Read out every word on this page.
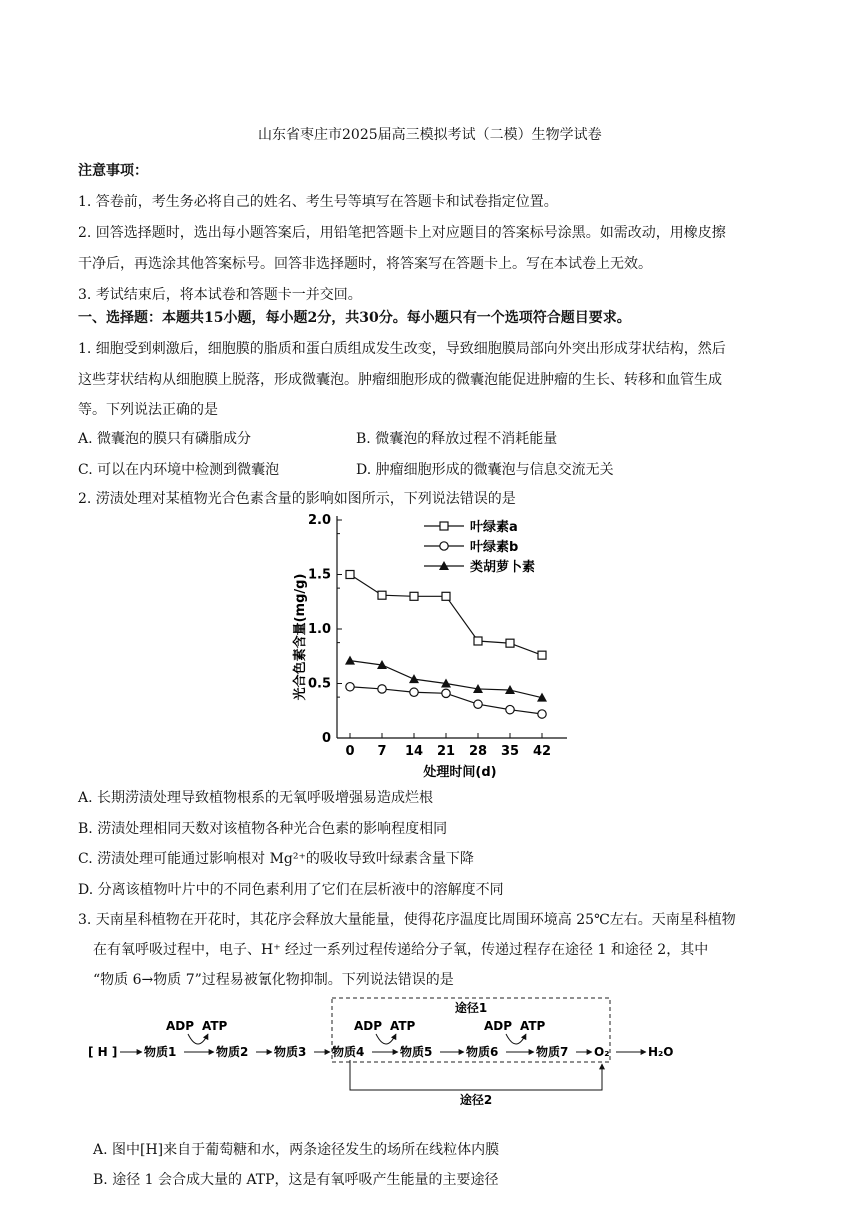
山东省枣庄市2025届高三模拟考试（二模）生物学试卷
注意事项：
1. 答卷前，考生务必将自己的姓名、考生号等填写在答题卡和试卷指定位置。
2. 回答选择题时，选出每小题答案后，用铅笔把答题卡上对应题目的答案标号涂黑。如需改动，用橡皮擦
干净后，再选涂其他答案标号。回答非选择题时，将答案写在答题卡上。写在本试卷上无效。
3. 考试结束后，将本试卷和答题卡一并交回。
一、选择题：本题共15小题，每小题2分，共30分。每小题只有一个选项符合题目要求。
1. 细胞受到刺激后，细胞膜的脂质和蛋白质组成发生改变，导致细胞膜局部向外突出形成芽状结构，然后
这些芽状结构从细胞膜上脱落，形成微囊泡。肿瘤细胞形成的微囊泡能促进肿瘤的生长、转移和血管生成
等。下列说法正确的是
A. 微囊泡的膜只有磷脂成分	B. 微囊泡的释放过程不消耗能量
C. 可以在内环境中检测到微囊泡	D. 肿瘤细胞形成的微囊泡与信息交流无关
2. 涝渍处理对某植物光合色素含量的影响如图所示，下列说法错误的是
0
0.5
1.0
1.5
2.0
0 7 14 21 28 35 42
处理时间(d)
光合色素含量(mg/g)
叶绿素a
叶绿素b
类胡萝卜素
A. 长期涝渍处理导致植物根系的无氧呼吸增强易造成烂根
B. 涝渍处理相同天数对该植物各种光合色素的影响程度相同
C. 涝渍处理可能通过影响根对 Mg²⁺的吸收导致叶绿素含量下降
D. 分离该植物叶片中的不同色素利用了它们在层析液中的溶解度不同
3. 天南星科植物在开花时，其花序会释放大量能量，使得花序温度比周围环境高 25℃左右。天南星科植物
在有氧呼吸过程中，电子、H⁺ 经过一系列过程传递给分子氧，传递过程存在途径 1 和途径 2，其中
“物质 6→物质 7”过程易被氰化物抑制。下列说法错误的是
途径1
[ H ] 物质1	物质2 物质3 物质4	物质5	物质6	物质7 O₂	H₂O
ADP ATP	ADP ATP	ADP ATP
途径2
A. 图中[H]来自于葡萄糖和水，两条途径发生的场所在线粒体内膜
B. 途径 1 会合成大量的 ATP，这是有氧呼吸产生能量的主要途径
